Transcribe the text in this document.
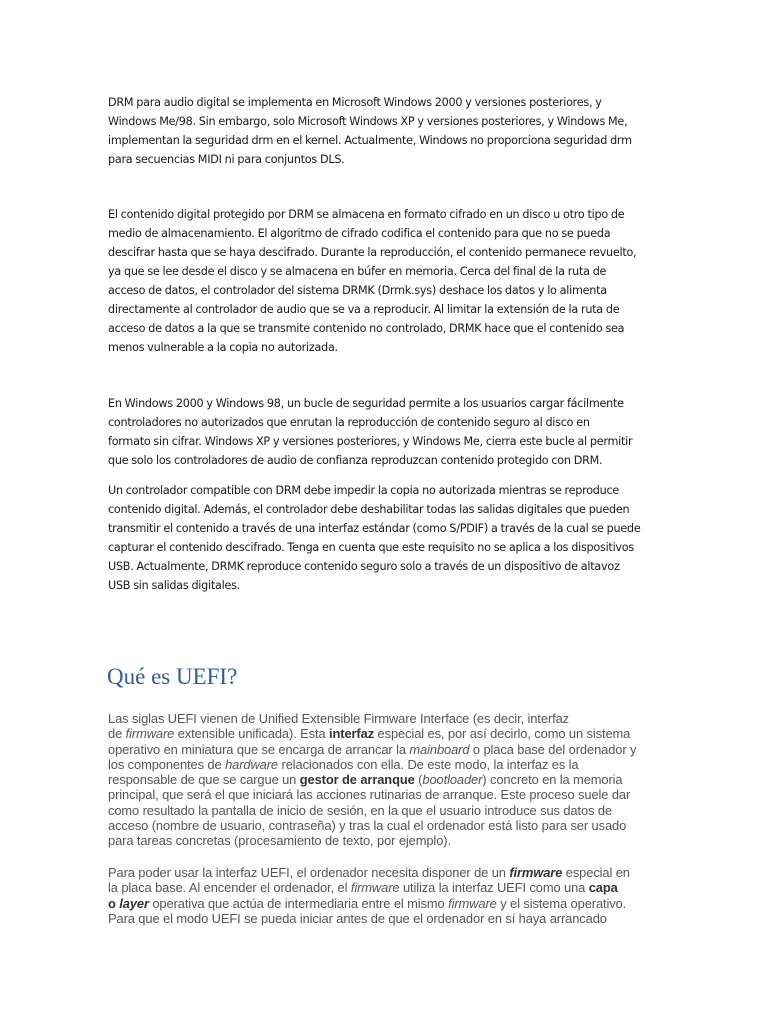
DRM para audio digital se implementa en Microsoft Windows 2000 y versiones posteriores, y
Windows Me/98. Sin embargo, solo Microsoft Windows XP y versiones posteriores, y Windows Me,
implementan la seguridad drm en el kernel. Actualmente, Windows no proporciona seguridad drm
para secuencias MIDI ni para conjuntos DLS.

El contenido digital protegido por DRM se almacena en formato cifrado en un disco u otro tipo de
medio de almacenamiento. El algoritmo de cifrado codifica el contenido para que no se pueda
descifrar hasta que se haya descifrado. Durante la reproducción, el contenido permanece revuelto,
ya que se lee desde el disco y se almacena en búfer en memoria. Cerca del final de la ruta de
acceso de datos, el controlador del sistema DRMK (Drmk.sys) deshace los datos y lo alimenta
directamente al controlador de audio que se va a reproducir. Al limitar la extensión de la ruta de
acceso de datos a la que se transmite contenido no controlado, DRMK hace que el contenido sea
menos vulnerable a la copia no autorizada.

En Windows 2000 y Windows 98, un bucle de seguridad permite a los usuarios cargar fácilmente
controladores no autorizados que enrutan la reproducción de contenido seguro al disco en
formato sin cifrar. Windows XP y versiones posteriores, y Windows Me, cierra este bucle al permitir
que solo los controladores de audio de confianza reproduzcan contenido protegido con DRM.

Un controlador compatible con DRM debe impedir la copia no autorizada mientras se reproduce
contenido digital. Además, el controlador debe deshabilitar todas las salidas digitales que pueden
transmitir el contenido a través de una interfaz estándar (como S/PDIF) a través de la cual se puede
capturar el contenido descifrado. Tenga en cuenta que este requisito no se aplica a los dispositivos
USB. Actualmente, DRMK reproduce contenido seguro solo a través de un dispositivo de altavoz
USB sin salidas digitales.

Qué es UEFI?

Las siglas UEFI vienen de Unified Extensible Firmware Interface (es decir, interfaz
de firmware extensible unificada). Esta interfaz especial es, por así decirlo, como un sistema
operativo en miniatura que se encarga de arrancar la mainboard o placa base del ordenador y
los componentes de hardware relacionados con ella. De este modo, la interfaz es la
responsable de que se cargue un gestor de arranque (bootloader) concreto en la memoria
principal, que será el que iniciará las acciones rutinarias de arranque. Este proceso suele dar
como resultado la pantalla de inicio de sesión, en la que el usuario introduce sus datos de
acceso (nombre de usuario, contraseña) y tras la cual el ordenador está listo para ser usado
para tareas concretas (procesamiento de texto, por ejemplo).

Para poder usar la interfaz UEFI, el ordenador necesita disponer de un firmware especial en
la placa base. Al encender el ordenador, el firmware utiliza la interfaz UEFI como una capa
o layer operativa que actúa de intermediaria entre el mismo firmware y el sistema operativo.
Para que el modo UEFI se pueda iniciar antes de que el ordenador en sí haya arrancado
